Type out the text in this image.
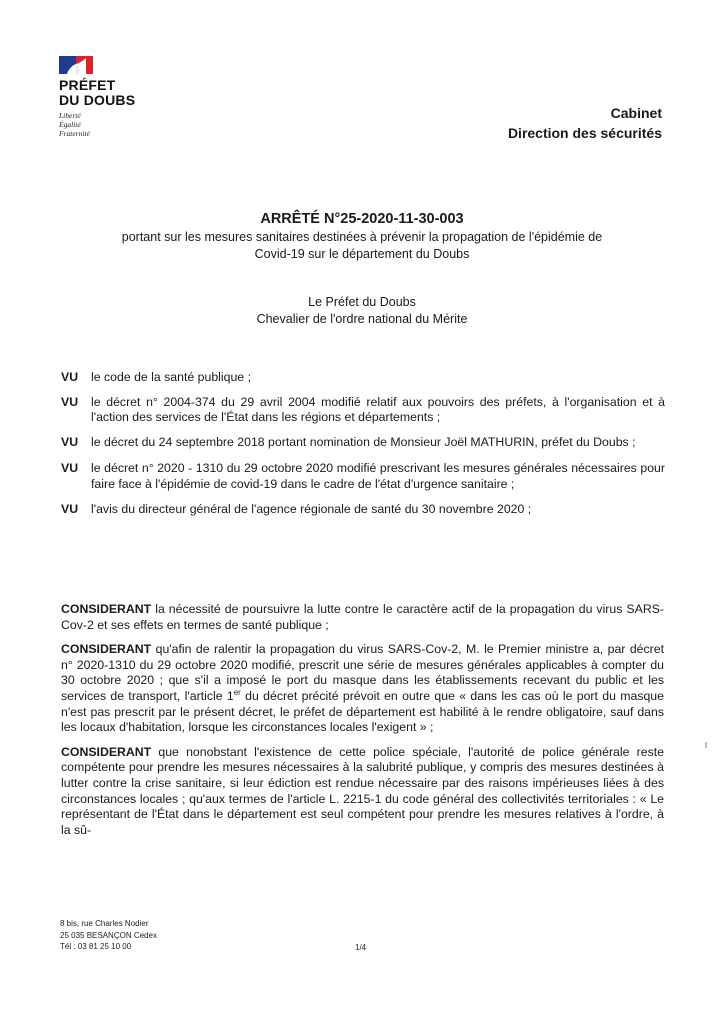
PRÉFET
DU DOUBS
Liberté
Égalité
Fraternité
Cabinet
Direction des sécurités
ARRÊTÉ N°25-2020-11-30-003
portant sur les mesures sanitaires destinées à prévenir la propagation de l'épidémie de
Covid-19 sur le département du Doubs
Le Préfet du Doubs
Chevalier de l'ordre national du Mérite
VU	le code de la santé publique ;
VU	le décret n° 2004-374 du 29 avril 2004 modifié relatif aux pouvoirs des préfets, à l'organisation et à l'action des services de l'État dans les régions et départements ;
VU	le décret du 24 septembre 2018 portant nomination de Monsieur Joël MATHURIN, préfet du Doubs ;
VU	le décret n° 2020 - 1310 du 29 octobre 2020 modifié prescrivant les mesures générales nécessaires pour faire face à l'épidémie de covid-19 dans le cadre de l'état d'urgence sanitaire ;
VU	l'avis du directeur général de l'agence régionale de santé du 30 novembre 2020 ;
CONSIDERANT la nécessité de poursuivre la lutte contre le caractère actif de la propagation du virus SARS-Cov-2 et ses effets en termes de santé publique ;
CONSIDERANT qu'afin de ralentir la propagation du virus SARS-Cov-2, M. le Premier ministre a, par décret n° 2020-1310 du 29 octobre 2020 modifié, prescrit une série de mesures générales applicables à compter du 30 octobre 2020 ; que s'il a imposé le port du masque dans les établissements recevant du public et les services de transport, l'article 1er du décret précité prévoit en outre que « dans les cas où le port du masque n'est pas prescrit par le présent décret, le préfet de département est habilité à le rendre obligatoire, sauf dans les locaux d'habitation, lorsque les circonstances locales l'exigent » ;
CONSIDERANT que nonobstant l'existence de cette police spéciale, l'autorité de police générale reste compétente pour prendre les mesures nécessaires à la salubrité publique, y compris des mesures destinées à lutter contre la crise sanitaire, si leur édiction est rendue nécessaire par des raisons impérieuses liées à des circonstances locales ; qu'aux termes de l'article L. 2215-1 du code général des collectivités territoriales : « Le représentant de l'État dans le département est seul compétent pour prendre les mesures relatives à l'ordre, à la sû-
8 bis, rue Charles Nodier
25 035 BESANÇON Cedex
Tél : 03 81 25 10 00	1/4
